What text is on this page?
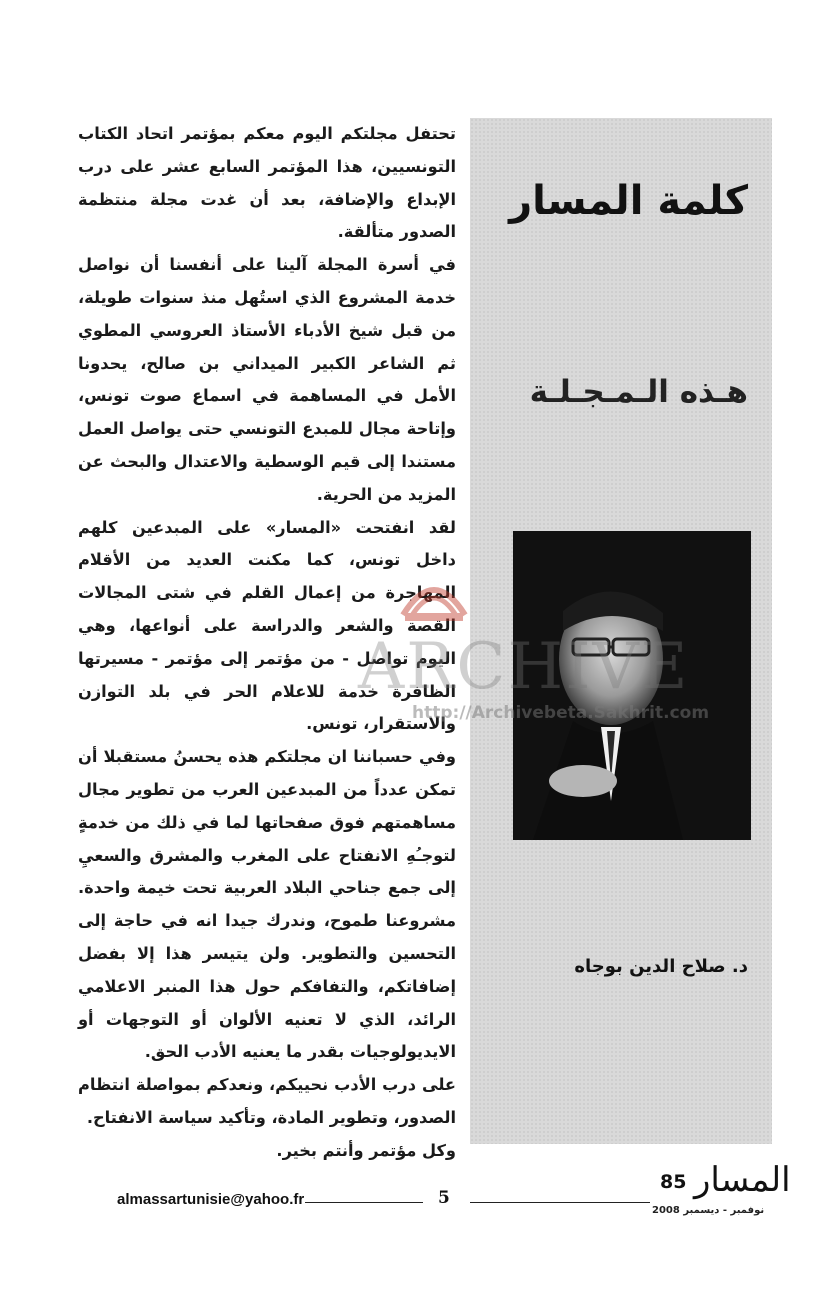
كلمة المسار
هـذه الـمـجـلـة
د. صلاح الدين بوجاه

تحتفل مجلتكم اليوم معكم بمؤتمر اتحاد الكتاب التونسيين، هذا المؤتمر السابع عشر على درب الإبداع والإضافة، بعد أن غدت مجلة منتظمة الصدور متألقة.

في أسرة المجلة آلينا على أنفسنا أن نواصل خدمة المشروع الذي استُهل منذ سنوات طويلة، من قبل شيخ الأدباء الأستاذ العروسي المطوي ثم الشاعر الكبير الميداني بن صالح، يحدونا الأمل في المساهمة في اسماع صوت تونس، وإتاحة مجال للمبدع التونسي حتى يواصل العمل مستندا إلى قيم الوسطية والاعتدال والبحث عن المزيد من الحرية.

لقد انفتحت «المسار» على المبدعين كلهم داخل تونس، كما مكنت العديد من الأقلام المهاجرة من إعمال القلم في شتى المجالات القصة والشعر والدراسة على أنواعها، وهي اليوم تواصل - من مؤتمر إلى مؤتمر - مسيرتها الظافرة خدمة للاعلام الحر في بلد التوازن والاستقرار، تونس.

وفي حسباننا ان مجلتكم هذه يحسنُ مستقبلا أن تمكن عدداً من المبدعين العرب من تطوير مجال مساهمتهم فوق صفحاتها لما في ذلك من خدمةٍ لتوجـُهِ الانفتاح على المغرب والمشرق والسعيِ إلى جمع جناحي البلاد العربية تحت خيمة واحدة. مشروعنا طموح، وندرك جيدا انه في حاجة إلى التحسين والتطوير. ولن يتيسر هذا إلا بفضل إضافاتكم، والتفافكم حول هذا المنبر الاعلامي الرائد، الذي لا تعنيه الألوان أو التوجهات أو الايديولوجيات بقدر ما يعنيه الأدب الحق.

على درب الأدب نحييكم، ونعدكم بمواصلة انتظام الصدور، وتطوير المادة، وتأكيد سياسة الانفتاح.

وكل مؤتمر وأنتم بخير.

ARCHIVE
http://Archivebeta.Sakhrit.com
almassartunisie@yahoo.fr	5
85 المسار
نوفمبر - ديسمبر 2008
